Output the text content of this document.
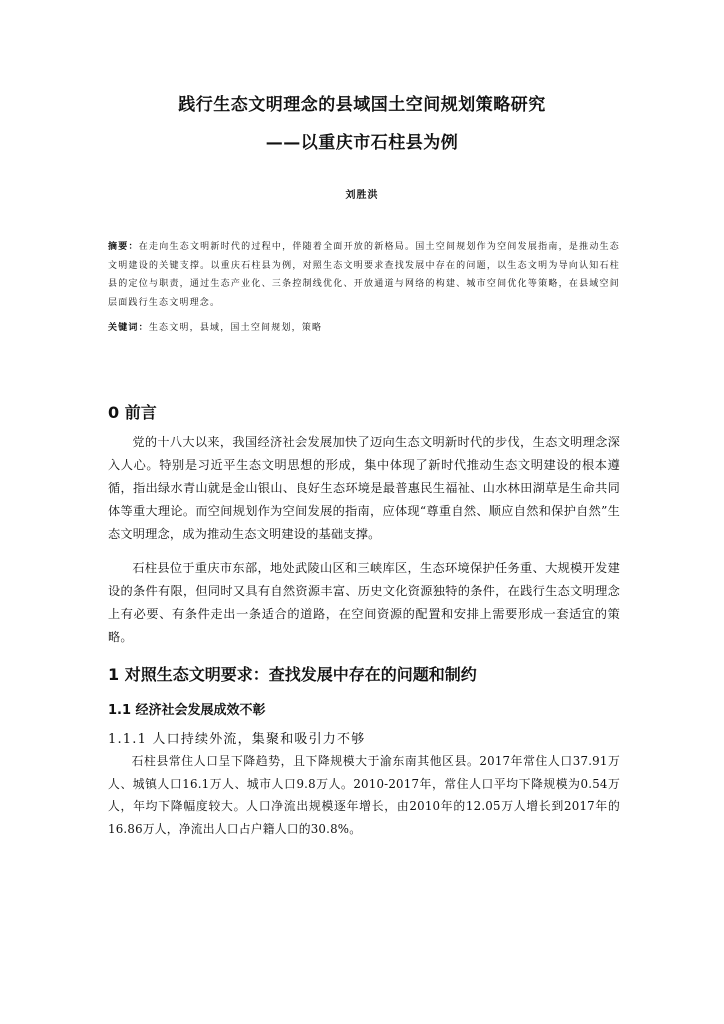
践行生态文明理念的县域国土空间规划策略研究
——以重庆市石柱县为例
刘胜洪
摘要：在走向生态文明新时代的过程中，伴随着全面开放的新格局。国土空间规划作为空间发展指南，是推动生态文明建设的关键支撑。以重庆石柱县为例，对照生态文明要求查找发展中存在的问题，以生态文明为导向认知石柱县的定位与职责，通过生态产业化、三条控制线优化、开放通道与网络的构建、城市空间优化等策略，在县域空间层面践行生态文明理念。
关键词：生态文明，县域，国土空间规划，策略
0 前言

党的十八大以来，我国经济社会发展加快了迈向生态文明新时代的步伐，生态文明理念深入人心。特别是习近平生态文明思想的形成，集中体现了新时代推动生态文明建设的根本遵循，指出绿水青山就是金山银山、良好生态环境是最普惠民生福祉、山水林田湖草是生命共同体等重大理论。而空间规划作为空间发展的指南，应体现“尊重自然、顺应自然和保护自然”生态文明理念，成为推动生态文明建设的基础支撑。

石柱县位于重庆市东部，地处武陵山区和三峡库区，生态环境保护任务重、大规模开发建设的条件有限，但同时又具有自然资源丰富、历史文化资源独特的条件，在践行生态文明理念上有必要、有条件走出一条适合的道路，在空间资源的配置和安排上需要形成一套适宜的策略。

1 对照生态文明要求：查找发展中存在的问题和制约
1.1 经济社会发展成效不彰
1.1.1 人口持续外流，集聚和吸引力不够

石柱县常住人口呈下降趋势，且下降规模大于渝东南其他区县。2017年常住人口37.91万人、城镇人口16.1万人、城市人口9.8万人。2010-2017年，常住人口平均下降规模为0.54万人，年均下降幅度较大。人口净流出规模逐年增长，由2010年的12.05万人增长到2017年的16.86万人，净流出人口占户籍人口的30.8%。
